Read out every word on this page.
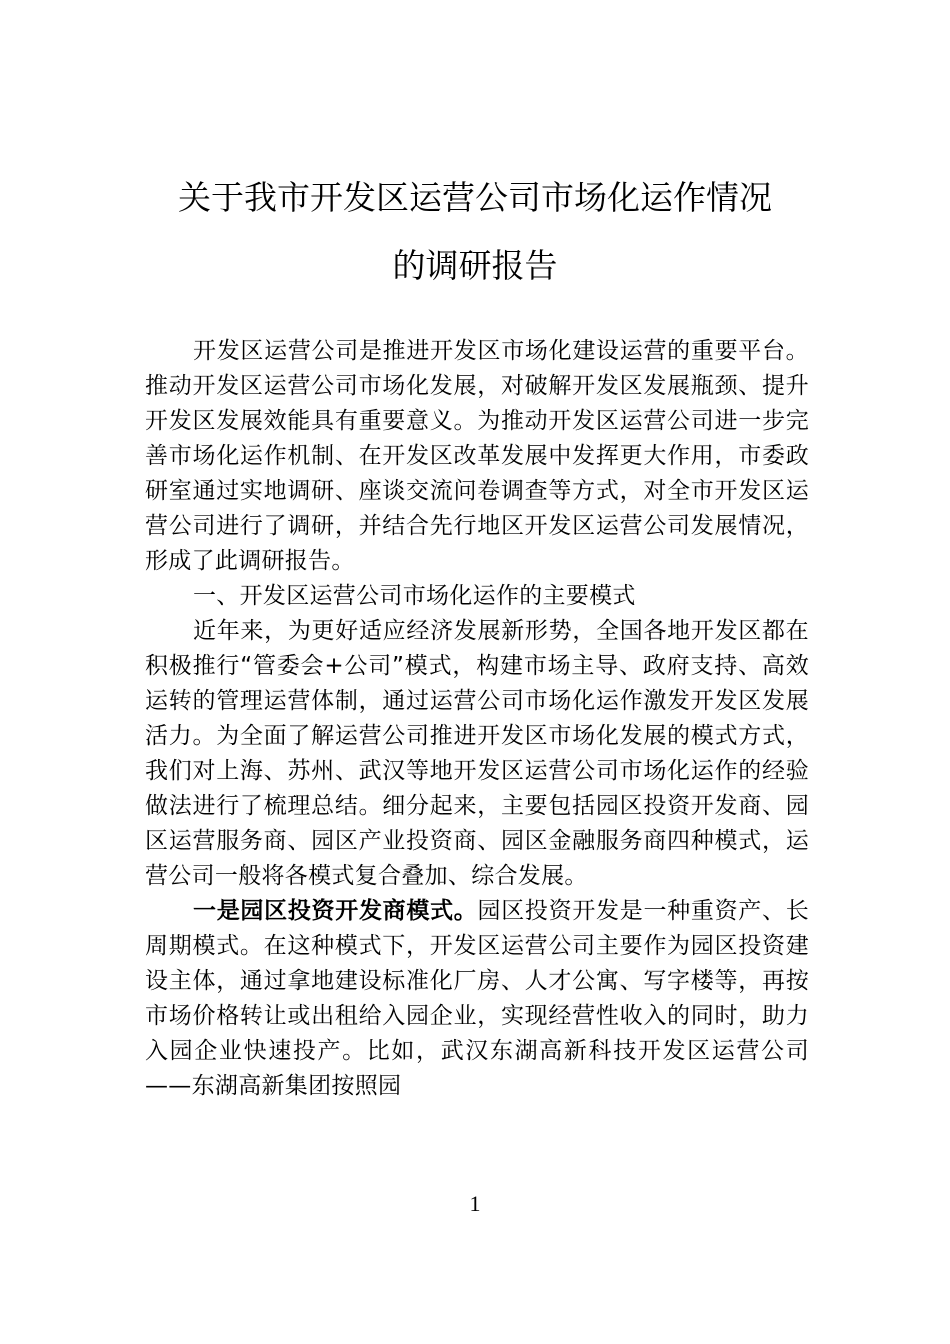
关于我市开发区运营公司市场化运作情况
的调研报告

开发区运营公司是推进开发区市场化建设运营的重要平台。推动开发区运营公司市场化发展，对破解开发区发展瓶颈、提升开发区发展效能具有重要意义。为推动开发区运营公司进一步完善市场化运作机制、在开发区改革发展中发挥更大作用，市委政研室通过实地调研、座谈交流问卷调查等方式，对全市开发区运营公司进行了调研，并结合先行地区开发区运营公司发展情况，形成了此调研报告。

一、开发区运营公司市场化运作的主要模式

近年来，为更好适应经济发展新形势，全国各地开发区都在积极推行“管委会+公司”模式，构建市场主导、政府支持、高效运转的管理运营体制，通过运营公司市场化运作激发开发区发展活力。为全面了解运营公司推进开发区市场化发展的模式方式，我们对上海、苏州、武汉等地开发区运营公司市场化运作的经验做法进行了梳理总结。细分起来，主要包括园区投资开发商、园区运营服务商、园区产业投资商、园区金融服务商四种模式，运营公司一般将各模式复合叠加、综合发展。

一是园区投资开发商模式。园区投资开发是一种重资产、长周期模式。在这种模式下，开发区运营公司主要作为园区投资建设主体，通过拿地建设标准化厂房、人才公寓、写字楼等，再按市场价格转让或出租给入园企业，实现经营性收入的同时，助力入园企业快速投产。比如，武汉东湖高新科技开发区运营公司——东湖高新集团按照园

1
